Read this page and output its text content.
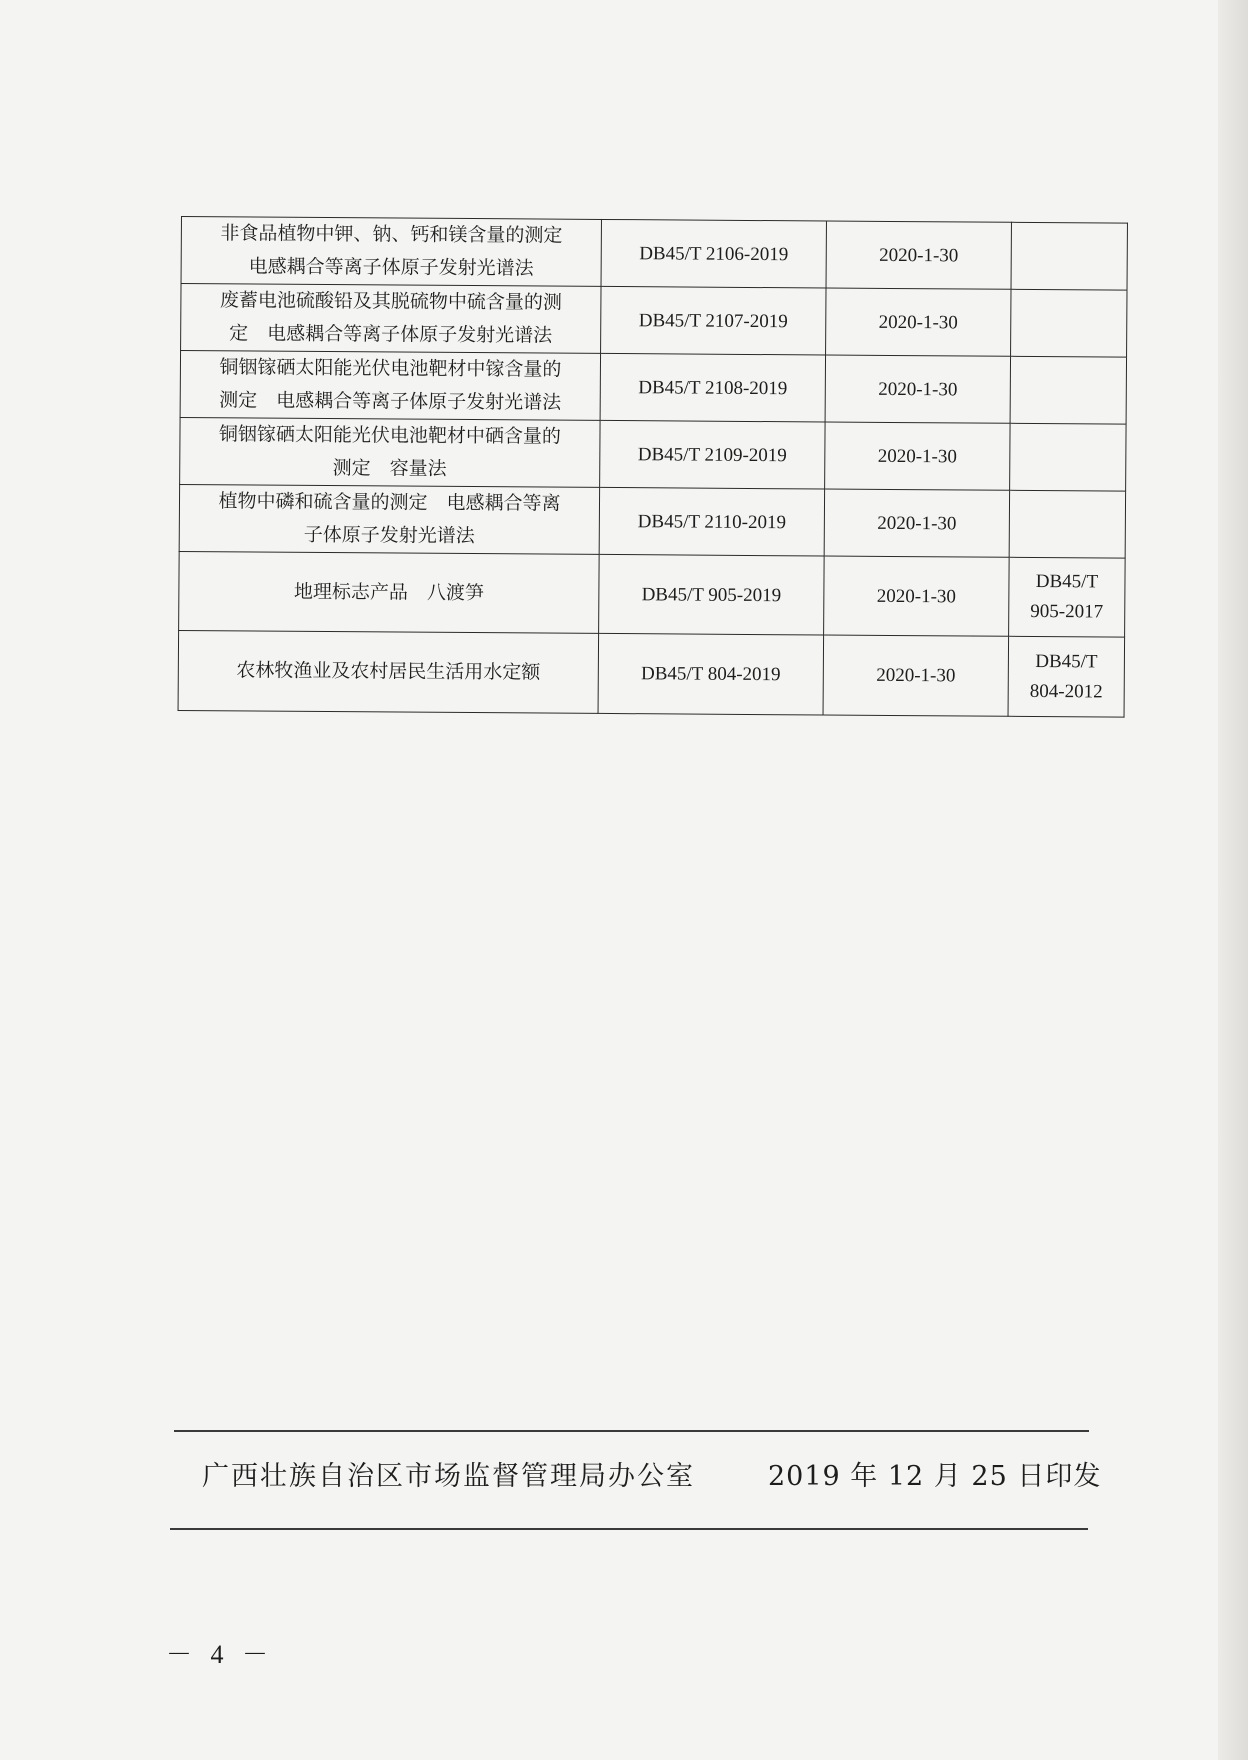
非食品植物中钾、钠、钙和镁含量的测定
电感耦合等离子体原子发射光谱法	DB45/T 2106-2019	2020-1-30	

废蓄电池硫酸铅及其脱硫物中硫含量的测
定　电感耦合等离子体原子发射光谱法	DB45/T 2107-2019	2020-1-30	

铜铟镓硒太阳能光伏电池靶材中镓含量的
测定　电感耦合等离子体原子发射光谱法	DB45/T 2108-2019	2020-1-30	

铜铟镓硒太阳能光伏电池靶材中硒含量的
测定　容量法	DB45/T 2109-2019	2020-1-30	

植物中磷和硫含量的测定　电感耦合等离
子体原子发射光谱法	DB45/T 2110-2019	2020-1-30	

地理标志产品　八渡笋	DB45/T 905-2019	2020-1-30	DB45/T
905-2017
农林牧渔业及农村居民生活用水定额	DB45/T 804-2019	2020-1-30	DB45/T
804-2012
广西壮族自治区市场监督管理局办公室	2019 年 12 月 25 日印发
－ 4 －
